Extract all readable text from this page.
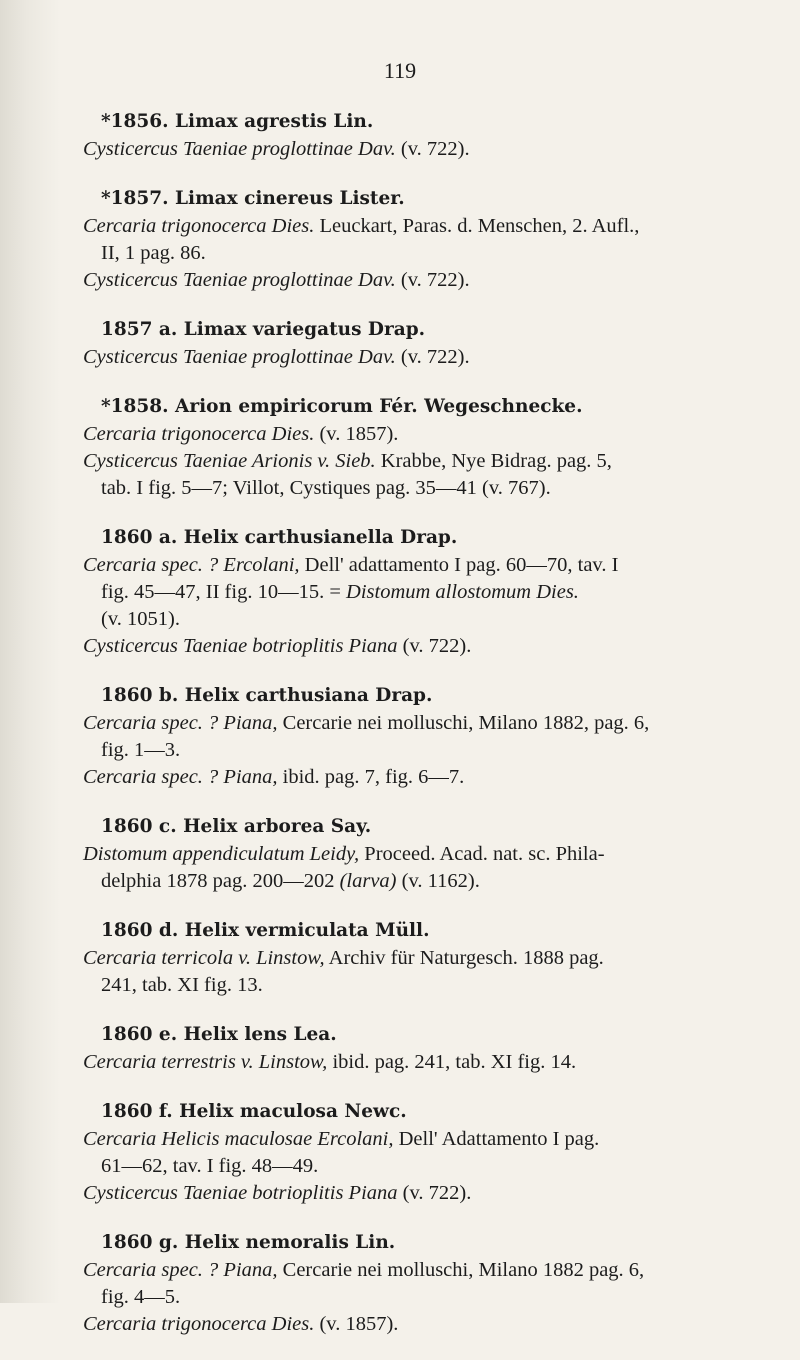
119
*1856. Limax agrestis Lin.
Cysticercus Taeniae proglottinae Dav. (v. 722).
*1857. Limax cinereus Lister.
Cercaria trigonocerca Dies. Leuckart, Paras. d. Menschen, 2. Aufl.,
II, 1 pag. 86.
Cysticercus Taeniae proglottinae Dav. (v. 722).
1857 a. Limax variegatus Drap.
Cysticercus Taeniae proglottinae Dav. (v. 722).
*1858. Arion empiricorum Fér. Wegeschnecke.
Cercaria trigonocerca Dies. (v. 1857).
Cysticercus Taeniae Arionis v. Sieb. Krabbe, Nye Bidrag. pag. 5,
tab. I fig. 5—7; Villot, Cystiques pag. 35—41 (v. 767).
1860 a. Helix carthusianella Drap.
Cercaria spec. ? Ercolani, Dell' adattamento I pag. 60—70, tav. I
fig. 45—47, II fig. 10—15. = Distomum allostomum Dies.
(v. 1051).
Cysticercus Taeniae botrioplitis Piana (v. 722).
1860 b. Helix carthusiana Drap.
Cercaria spec. ? Piana, Cercarie nei molluschi, Milano 1882, pag. 6,
fig. 1—3.
Cercaria spec. ? Piana, ibid. pag. 7, fig. 6—7.
1860 c. Helix arborea Say.
Distomum appendiculatum Leidy, Proceed. Acad. nat. sc. Phila-
delphia 1878 pag. 200—202 (larva) (v. 1162).
1860 d. Helix vermiculata Müll.
Cercaria terricola v. Linstow, Archiv für Naturgesch. 1888 pag.
241, tab. XI fig. 13.
1860 e. Helix lens Lea.
Cercaria terrestris v. Linstow, ibid. pag. 241, tab. XI fig. 14.
1860 f. Helix maculosa Newc.
Cercaria Helicis maculosae Ercolani, Dell' Adattamento I pag.
61—62, tav. I fig. 48—49.
Cysticercus Taeniae botrioplitis Piana (v. 722).
1860 g. Helix nemoralis Lin.
Cercaria spec. ? Piana, Cercarie nei molluschi, Milano 1882 pag. 6,
fig. 4—5.
Cercaria trigonocerca Dies. (v. 1857).
